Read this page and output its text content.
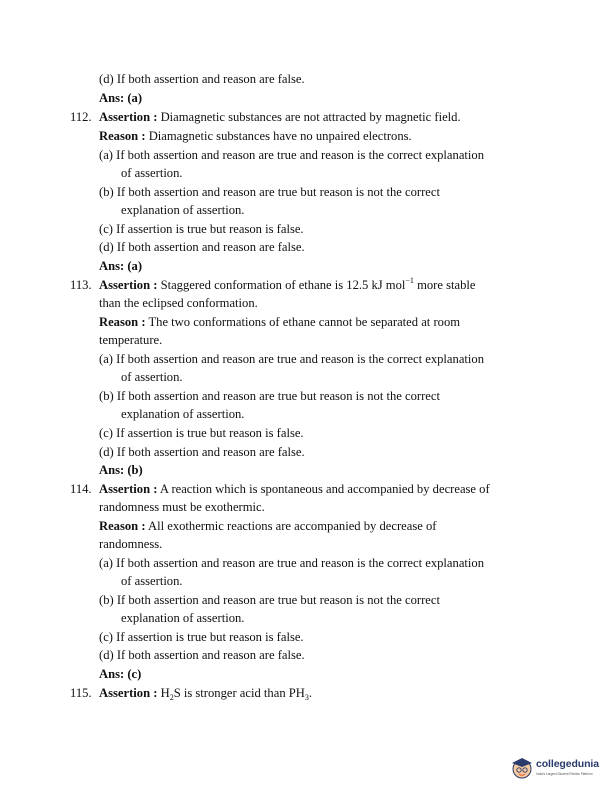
(d) If both assertion and reason are false.
Ans: (a)
112. Assertion : Diamagnetic substances are not attracted by magnetic field.
Reason : Diamagnetic substances have no unpaired electrons.
(a) If both assertion and reason are true and reason is the correct explanation
of assertion.
(b) If both assertion and reason are true but reason is not the correct
explanation of assertion.
(c) If assertion is true but reason is false.
(d) If both assertion and reason are false.
Ans: (a)
113. Assertion : Staggered conformation of ethane is 12.5 kJ mol$^{-1}$ more stable
than the eclipsed conformation.
Reason : The two conformations of ethane cannot be separated at room
temperature.
(a) If both assertion and reason are true and reason is the correct explanation
of assertion.
(b) If both assertion and reason are true but reason is not the correct
explanation of assertion.
(c) If assertion is true but reason is false.
(d) If both assertion and reason are false.
Ans: (b)
114. Assertion : A reaction which is spontaneous and accompanied by decrease of
randomness must be exothermic.
Reason : All exothermic reactions are accompanied by decrease of
randomness.
(a) If both assertion and reason are true and reason is the correct explanation
of assertion.
(b) If both assertion and reason are true but reason is not the correct
explanation of assertion.
(c) If assertion is true but reason is false.
(d) If both assertion and reason are false.
Ans: (c)
115. Assertion : $H_2S$ is stronger acid than $PH_3$.
collegedunia
India's Largest Student Review Platform
